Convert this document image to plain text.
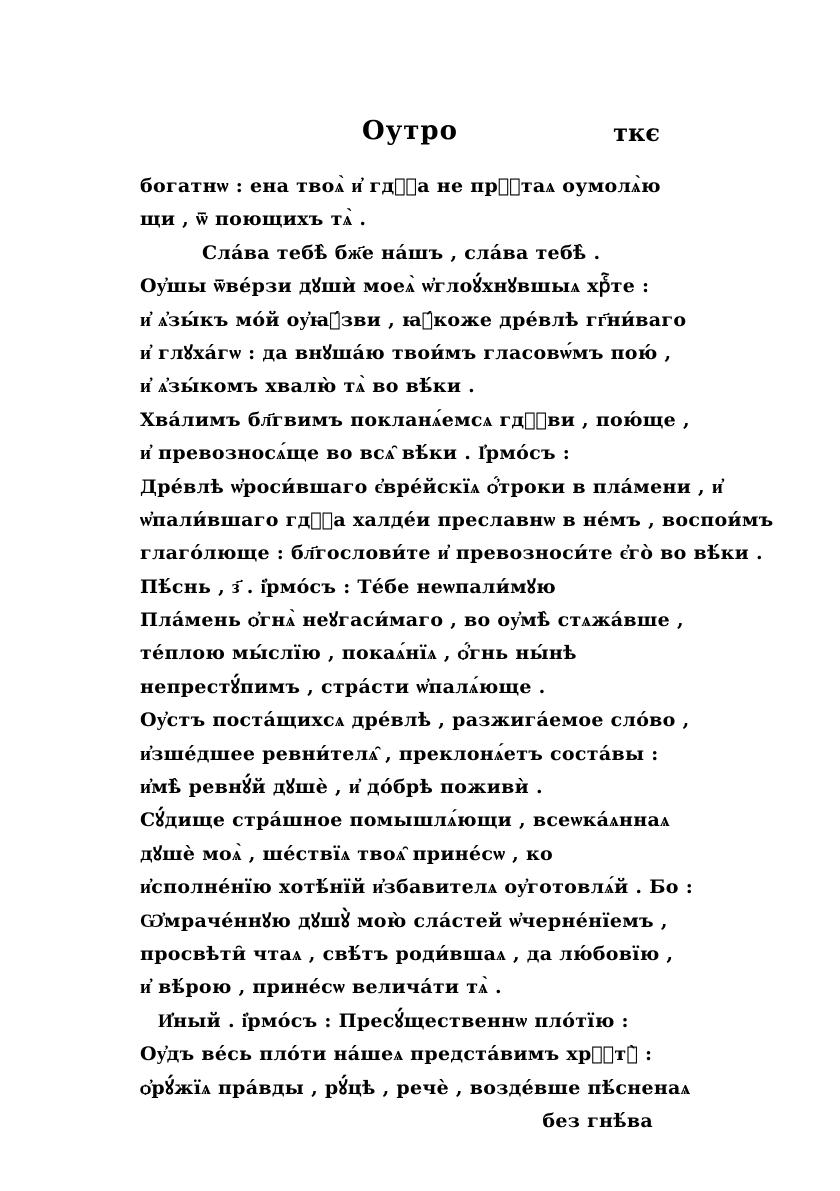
Оутро	ткє
богатнѡ : ена твоѧ̀ и҆ гдⷭ҇а не прⷭ҇таѧ оумолѧ̀ю
щи , ѿ поющихъ тѧ̀ .
Сла́ва тебѣ̀ бж҃е на́шъ , сла́ва тебѣ̀ .
Оу҆шы ѿве́рзи дꙋшѝ моеѧ̀ ѡ҆глоꙋ́хнꙋвшыѧ хрⷭ҇те :
и҆ ѧ҆зы́къ мо́й оу҆ꙗ҆́зви , ꙗ҆́коже дре́влѣ гг҃ни́ваго
и҆ глꙋха́гѡ : да внꙋша́ю твои́мъ гласовѡ́мъ пою́ ,
и҆ ѧ҆зы́комъ хвалю̀ тѧ̀ во вѣ́ки .
Хва́лимъ бл҃гвимъ покланѧ́емсѧ гдⷭ҇ви , пою́ще ,
и҆ превозносѧ́ще во всѧ̑ вѣ́ки . І҆рмо́съ :
Дре́влѣ ѡ҆роси́вшаго є҆вре́йскїѧ ѻ҆́троки в пла́мени , и҆
ѡ҆пали́вшаго гдⷭ҇а халде́и преславнѡ в не́мъ , воспои́мъ
глаго́люще : бл҃гослови́те и҆ превозноси́те є҆го̀ во вѣ́ки .
Пѣ́снь , з҃ . і҆рмо́съ : Те́бе неѡпали́мꙋю
Пла́мень ѻ҆гнѧ̀ неꙋгаси́маго , во оу҆мѣ̀ стѧжа́вше ,
те́плою мы́слїю , покаѧ́нїѧ , ѻ҆́гнь ны́нѣ
непрестꙋ́пимъ , стра́сти ѡ҆палѧ́юще .
Оу҆стъ поста́щихсѧ дре́влѣ , разжига́емое сло́во ,
и҆зше́дшее ревни́телѧ̑ , преклонѧ́етъ соста́вы :
и҆мѣ̀ ревнꙋ́й дꙋшѐ , и҆ до́брѣ поживѝ .
Сꙋ́дище стра́шное помышлѧ́ющи , всеѡка́ѧннаѧ
дꙋшѐ моѧ̀ , ше́ствїѧ твоѧ̑ прине́сѡ , ко
и҆сполне́нїю хотѣ́нїй и҆збавителѧ оу҆готовлѧ́й . Бо :
Ѡ҆мраче́ннꙋю дꙋшꙋ̀ мою̀ сла́стей ѡ҆черне́нїемъ ,
просвѣти̑ чтаѧ , свѣ́тъ роди́вшаѧ , да лю́бовїю ,
и҆ вѣ́рою , прине́сѡ велича́ти тѧ̀ .
И҆ный . і҆рмо́съ : Пресꙋ́щественнѡ пло́тїю :
Оу҆дъ ве́сь пло́ти на́шеѧ предста́вимъ хрⷭ҇тꙋ̀ :
ѻ҆рꙋ́жїѧ пра́вды , рꙋ́цѣ , речѐ , возде́вше пѣ́сненаѧ
без гнѣ́ва
